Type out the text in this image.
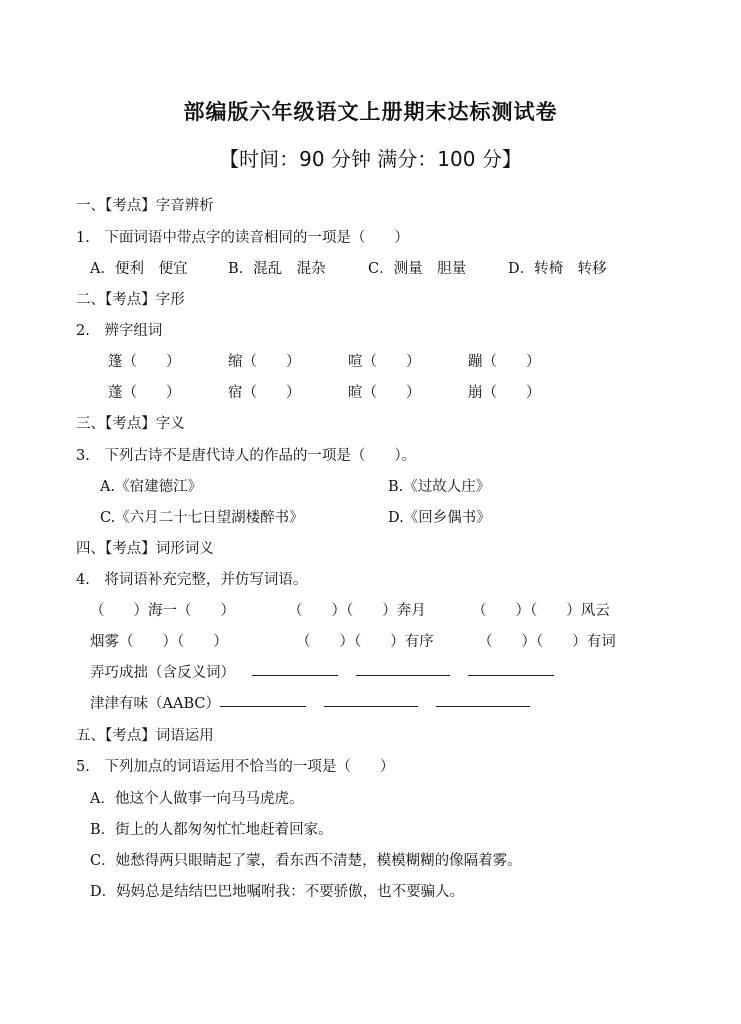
部编版六年级语文上册期末达标测试卷
【时间：90 分钟 满分：100 分】
一、【考点】字音辨析
1.　下面词语中带点字的读音相同的一项是（　　）
A．便利　便宜	B．混乱　混杂	C．测量　胆量	D．转椅　转移
二、【考点】字形
2.　辨字组词
篷（　　）	缩（　　）	喧（　　）	蹦（　　）
蓬（　　）	宿（　　）	暄（　　）	崩（　　）
三、【考点】字义
3.　下列古诗不是唐代诗人的作品的一项是（　　）。
A.《宿建德江》	B.《过故人庄》
C.《六月二十七日望湖楼醉书》	D.《回乡偶书》
四、【考点】词形词义
4.　将词语补充完整，并仿写词语。
（　　）海一（　　）	（　　）（　　）奔月	（　　）（　　）风云
烟雾（　　）（　　）	（　　）（　　）有序	（　　）（　　）有词
弄巧成拙（含反义词）
津津有味（AABC）
五、【考点】词语运用
5.　下列加点的词语运用不恰当的一项是（　　）
A．他这个人做事一向马马虎虎。
B．街上的人都匆匆忙忙地赶着回家。
C．她愁得两只眼睛起了蒙，看东西不清楚，模模糊糊的像隔着雾。
D．妈妈总是结结巴巴地嘱咐我：不要骄傲，也不要骗人。
